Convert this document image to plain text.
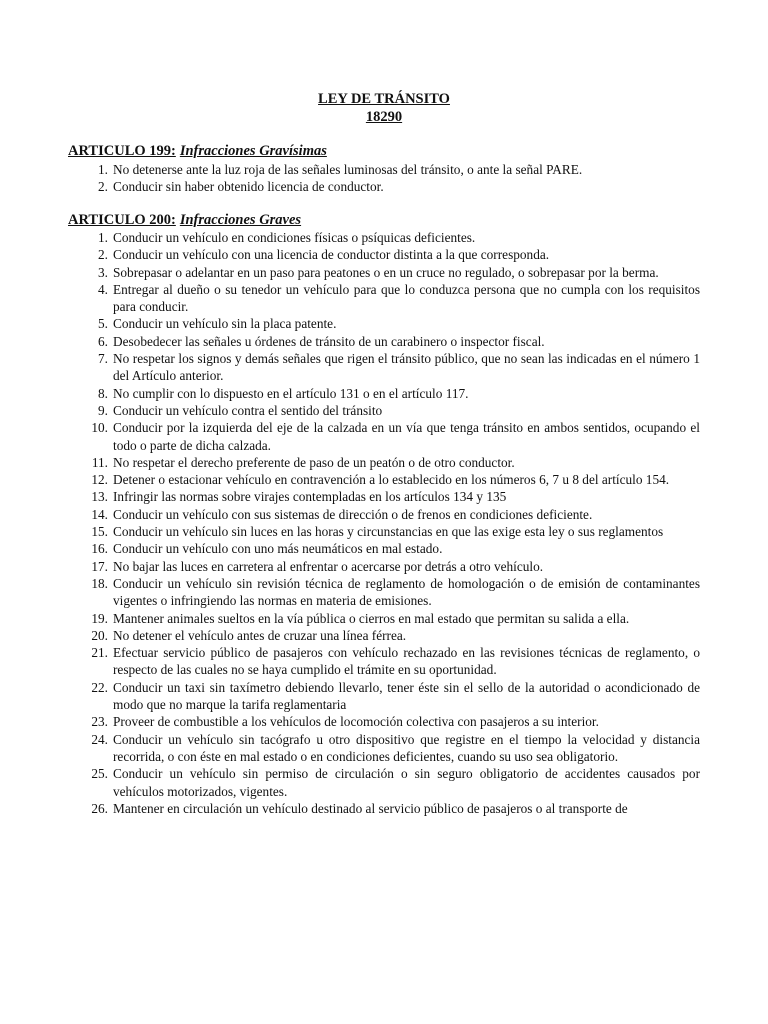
LEY DE TRÁNSITO
18290
ARTICULO 199: Infracciones Gravísimas
1. No detenerse ante la luz roja de las señales luminosas del tránsito, o ante la señal PARE.
2. Conducir sin haber obtenido licencia de conductor.
ARTICULO 200: Infracciones Graves
1. Conducir un vehículo en condiciones físicas o psíquicas deficientes.
2. Conducir un vehículo con una licencia de conductor distinta a la que corresponda.
3. Sobrepasar o adelantar en un paso para peatones o en un cruce no regulado, o sobrepasar por la berma.
4. Entregar al dueño o su tenedor un vehículo para que lo conduzca persona que no cumpla con los requisitos para conducir.
5. Conducir un vehículo sin la placa patente.
6. Desobedecer las señales u órdenes de tránsito de un carabinero o inspector fiscal.
7. No respetar los signos y demás señales que rigen el tránsito público, que no sean las indicadas en el número 1 del Artículo anterior.
8. No cumplir con lo dispuesto en el artículo 131 o en el artículo 117.
9. Conducir un vehículo contra el sentido del tránsito
10. Conducir por la izquierda del eje de la calzada en un vía que tenga tránsito en ambos sentidos, ocupando el todo o parte de dicha calzada.
11. No respetar el derecho preferente de paso de un peatón o de otro conductor.
12. Detener o estacionar vehículo en contravención a lo establecido en los números 6, 7 u 8 del artículo 154.
13. Infringir las normas sobre virajes contempladas en los artículos 134 y 135
14. Conducir un vehículo con sus sistemas de dirección o de frenos en condiciones deficiente.
15. Conducir un vehículo sin luces en las horas y circunstancias en que las exige esta ley o sus reglamentos
16. Conducir un vehículo con uno más neumáticos en mal estado.
17. No bajar las luces en carretera al enfrentar o acercarse por detrás a otro vehículo.
18. Conducir un vehículo sin revisión técnica de reglamento de homologación o de emisión de contaminantes vigentes o infringiendo las normas en materia de emisiones.
19. Mantener animales sueltos en la vía pública o cierros en mal estado que permitan su salida a ella.
20. No detener el vehículo antes de cruzar una línea férrea.
21. Efectuar servicio público de pasajeros con vehículo rechazado en las revisiones técnicas de reglamento, o respecto de las cuales no se haya cumplido el trámite en su oportunidad.
22. Conducir un taxi sin taxímetro debiendo llevarlo, tener éste sin el sello de la autoridad o acondicionado de modo que no marque la tarifa reglamentaria
23. Proveer de combustible a los vehículos de locomoción colectiva con pasajeros a su interior.
24. Conducir un vehículo sin tacógrafo u otro dispositivo que registre en el tiempo la velocidad y distancia recorrida, o con éste en mal estado o en condiciones deficientes, cuando su uso sea obligatorio.
25. Conducir un vehículo sin permiso de circulación o sin seguro obligatorio de accidentes causados por vehículos motorizados, vigentes.
26. Mantener en circulación un vehículo destinado al servicio público de pasajeros o al transporte de
